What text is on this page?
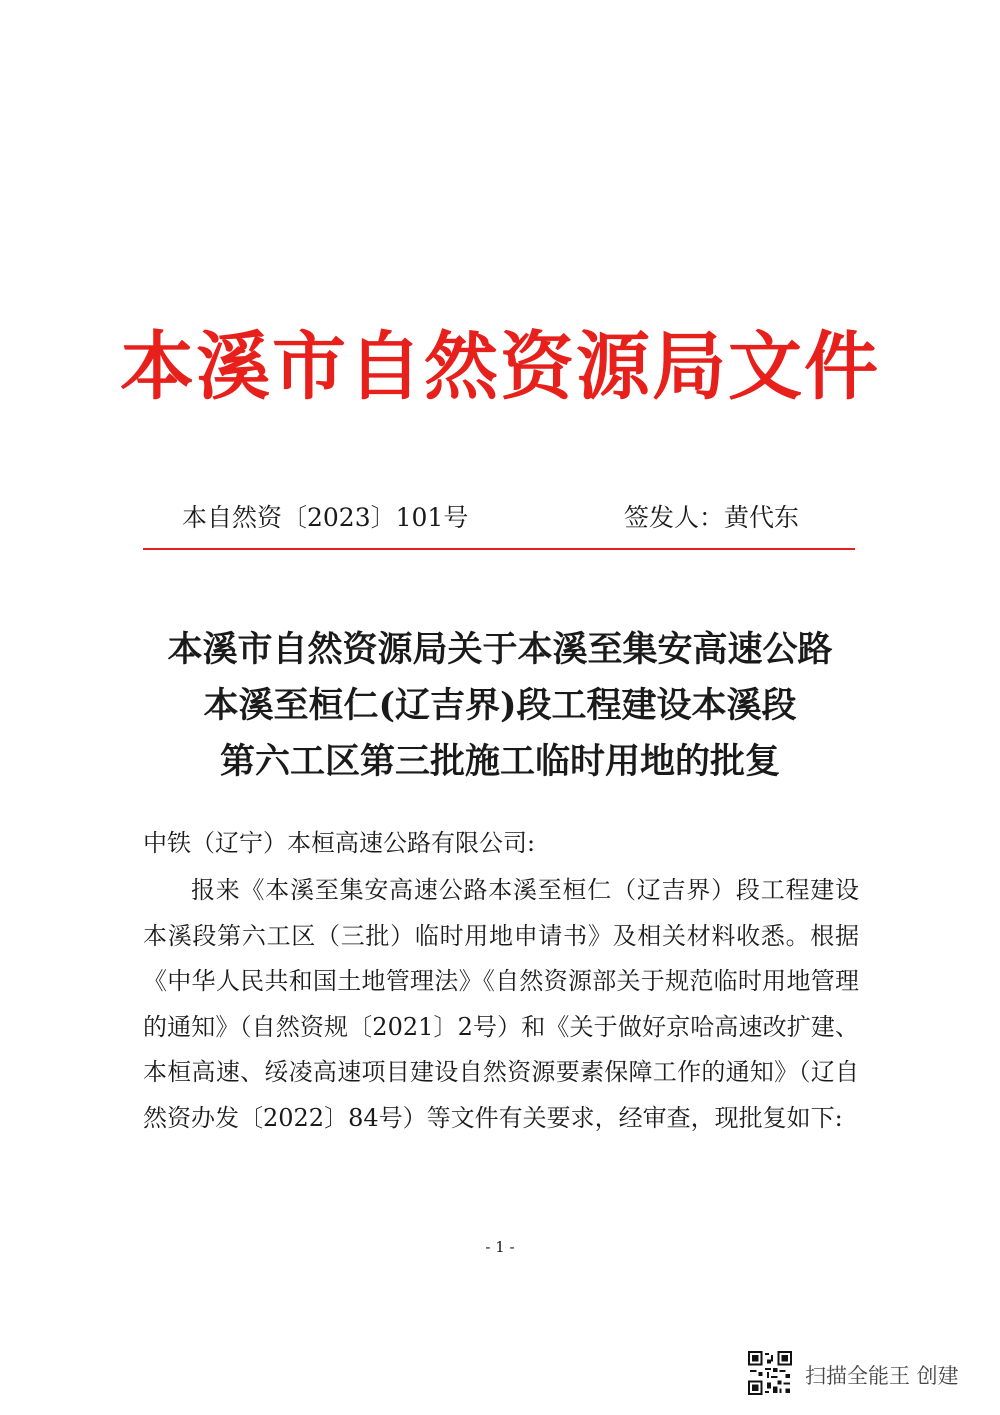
本溪市自然资源局文件
本自然资〔2023〕101号	签发人：黄代东
本溪市自然资源局关于本溪至集安高速公路
本溪至桓仁(辽吉界)段工程建设本溪段
第六工区第三批施工临时用地的批复
中铁（辽宁）本桓高速公路有限公司:
报来《本溪至集安高速公路本溪至桓仁（辽吉界）段工程建设本溪段第六工区（三批）临时用地申请书》及相关材料收悉。根据《中华人民共和国土地管理法》《自然资源部关于规范临时用地管理的通知》（自然资规〔2021〕2号）和《关于做好京哈高速改扩建、本桓高速、绥凌高速项目建设自然资源要素保障工作的通知》（辽自然资办发〔2022〕84号）等文件有关要求，经审查，现批复如下:
- 1 -
扫描全能王 创建
